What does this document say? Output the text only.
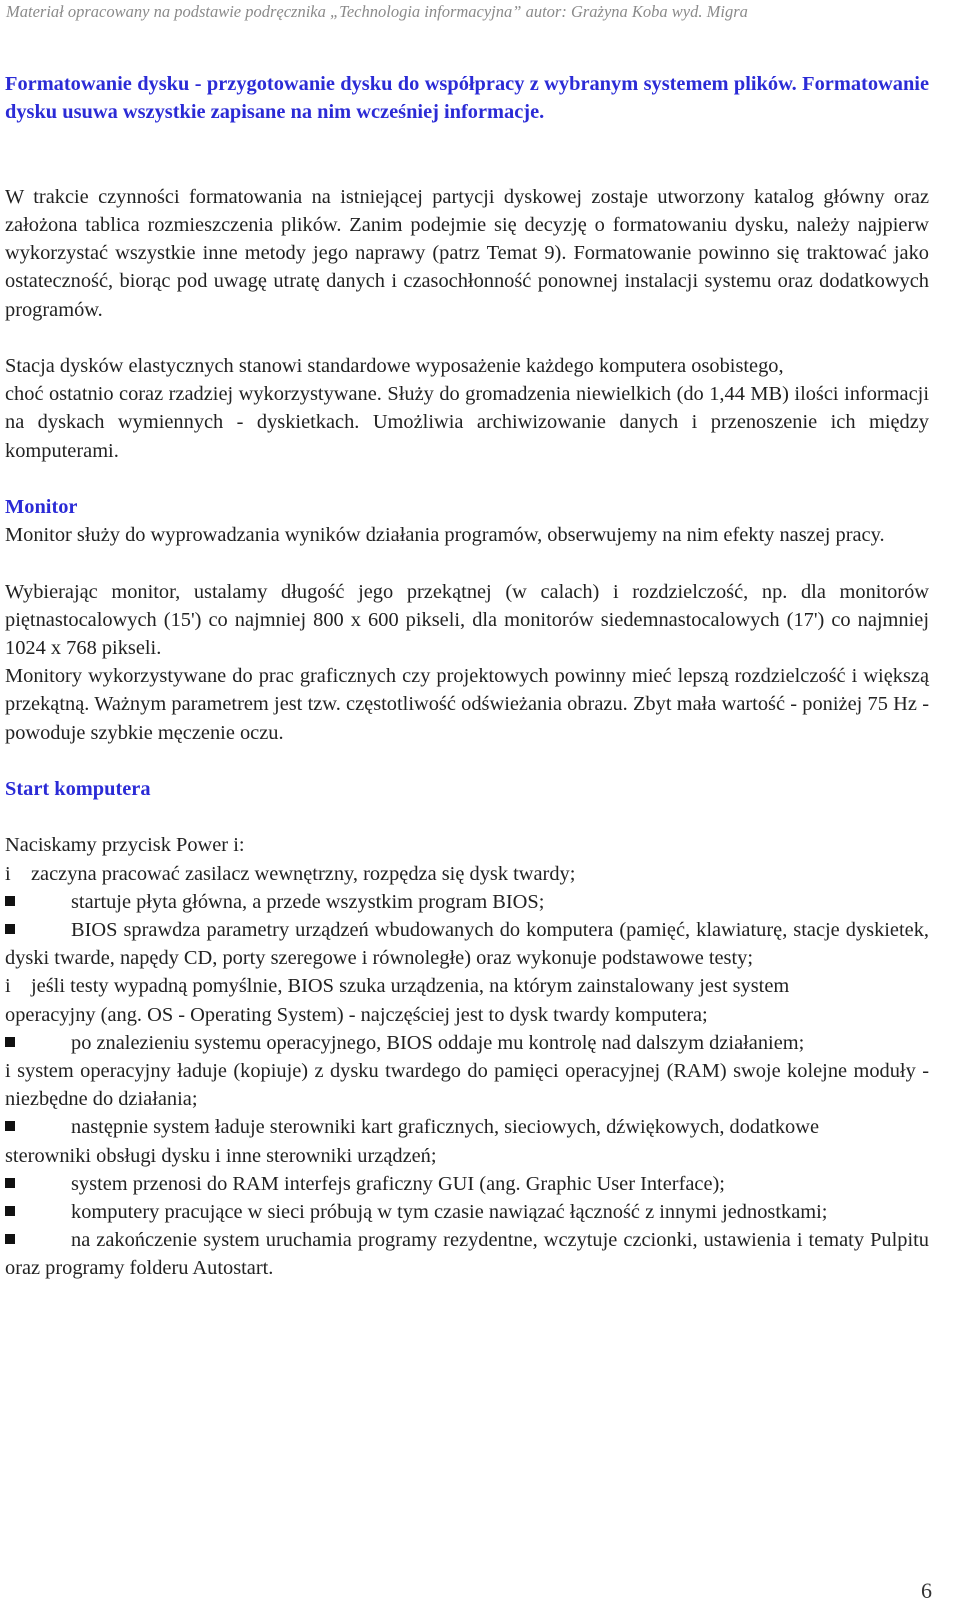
Materiał opracowany na podstawie podręcznika „Technologia informacyjna” autor: Grażyna Koba wyd. Migra

Formatowanie dysku - przygotowanie dysku do współpracy z wybranym systemem plików. Formatowanie dysku usuwa wszystkie zapisane na nim wcześniej informacje.

W trakcie czynności formatowania na istniejącej partycji dyskowej zostaje utworzony katalog główny oraz założona tablica rozmieszczenia plików. Zanim podejmie się decyzję o formatowaniu dysku, należy najpierw wykorzystać wszystkie inne metody jego naprawy (patrz Temat 9). Formatowanie powinno się traktować jako ostateczność, biorąc pod uwagę utratę danych i czasochłonność ponownej instalacji systemu oraz dodatkowych programów.

Stacja dysków elastycznych stanowi standardowe wyposażenie każdego komputera osobistego,

choć ostatnio coraz rzadziej wykorzystywane. Służy do gromadzenia niewielkich (do 1,44 MB) ilości informacji na dyskach wymiennych - dyskietkach. Umożliwia archiwizowanie danych i przenoszenie ich między komputerami.

Monitor

Monitor służy do wyprowadzania wyników działania programów, obserwujemy na nim efekty naszej pracy.

Wybierając monitor, ustalamy długość jego przekątnej (w calach) i rozdzielczość, np. dla monitorów piętnastocalowych (15') co najmniej 800 x 600 pikseli, dla monitorów siedemnastocalowych (17') co najmniej 1024 x 768 pikseli.

Monitory wykorzystywane do prac graficznych czy projektowych powinny mieć lepszą rozdzielczość i większą przekątną. Ważnym parametrem jest tzw. częstotliwość odświeżania obrazu. Zbyt mała wartość - poniżej 75 Hz - powoduje szybkie męczenie oczu.

Start komputera

Naciskamy przycisk Power i:

i zaczyna pracować zasilacz wewnętrzny, rozpędza się dysk twardy;

startuje płyta główna, a przede wszystkim program BIOS;

BIOS sprawdza parametry urządzeń wbudowanych do komputera (pamięć, klawiaturę, stacje dyskietek, dyski twarde, napędy CD, porty szeregowe i równoległe) oraz wykonuje podstawowe testy;

i jeśli testy wypadną pomyślnie, BIOS szuka urządzenia, na którym zainstalowany jest system

operacyjny (ang. OS - Operating System) - najczęściej jest to dysk twardy komputera;

po znalezieniu systemu operacyjnego, BIOS oddaje mu kontrolę nad dalszym działaniem;

i system operacyjny ładuje (kopiuje) z dysku twardego do pamięci operacyjnej (RAM) swoje kolejne moduły - niezbędne do działania;

następnie system ładuje sterowniki kart graficznych, sieciowych, dźwiękowych, dodatkowe

sterowniki obsługi dysku i inne sterowniki urządzeń;

system przenosi do RAM interfejs graficzny GUI (ang. Graphic User Interface);

komputery pracujące w sieci próbują w tym czasie nawiązać łączność z innymi jednostkami;

na zakończenie system uruchamia programy rezydentne, wczytuje czcionki, ustawienia i tematy Pulpitu oraz programy folderu Autostart.

6
